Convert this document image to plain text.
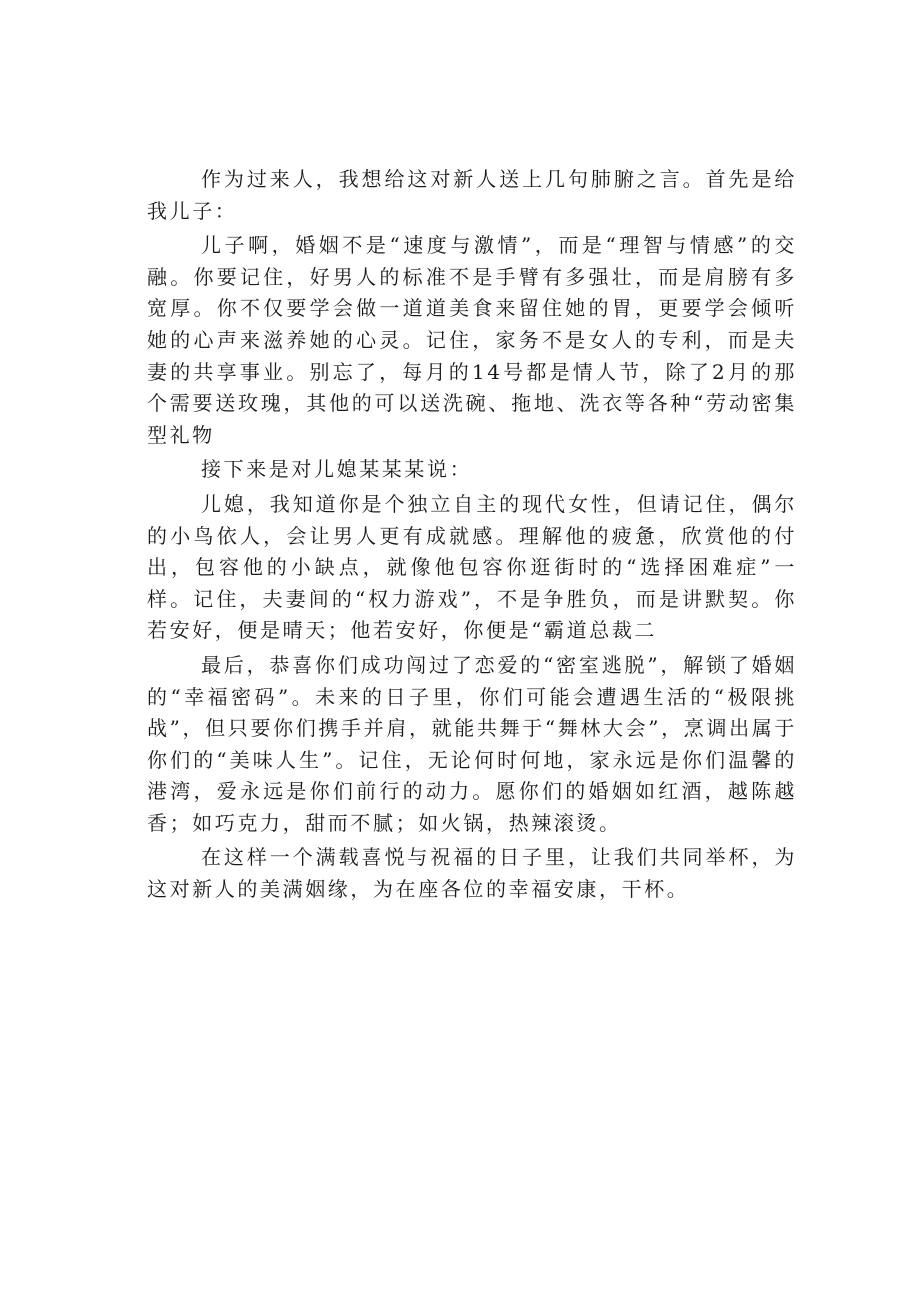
作为过来人，我想给这对新人送上几句肺腑之言。首先是给我儿子：

儿子啊，婚姻不是“速度与激情”，而是“理智与情感”的交融。你要记住，好男人的标准不是手臂有多强壮，而是肩膀有多宽厚。你不仅要学会做一道道美食来留住她的胃，更要学会倾听她的心声来滋养她的心灵。记住，家务不是女人的专利，而是夫妻的共享事业。别忘了，每月的14号都是情人节，除了2月的那个需要送玫瑰，其他的可以送洗碗、拖地、洗衣等各种“劳动密集型礼物

接下来是对儿媳某某某说：

儿媳，我知道你是个独立自主的现代女性，但请记住，偶尔的小鸟依人，会让男人更有成就感。理解他的疲惫，欣赏他的付出，包容他的小缺点，就像他包容你逛街时的“选择困难症”一样。记住，夫妻间的“权力游戏”，不是争胜负，而是讲默契。你若安好，便是晴天；他若安好，你便是“霸道总裁二

最后，恭喜你们成功闯过了恋爱的“密室逃脱”，解锁了婚姻的“幸福密码”。未来的日子里，你们可能会遭遇生活的“极限挑战”，但只要你们携手并肩，就能共舞于“舞林大会”，烹调出属于你们的“美味人生”。记住，无论何时何地，家永远是你们温馨的港湾，爱永远是你们前行的动力。愿你们的婚姻如红酒，越陈越香；如巧克力，甜而不腻；如火锅，热辣滚烫。

在这样一个满载喜悦与祝福的日子里，让我们共同举杯，为这对新人的美满姻缘，为在座各位的幸福安康，干杯。
